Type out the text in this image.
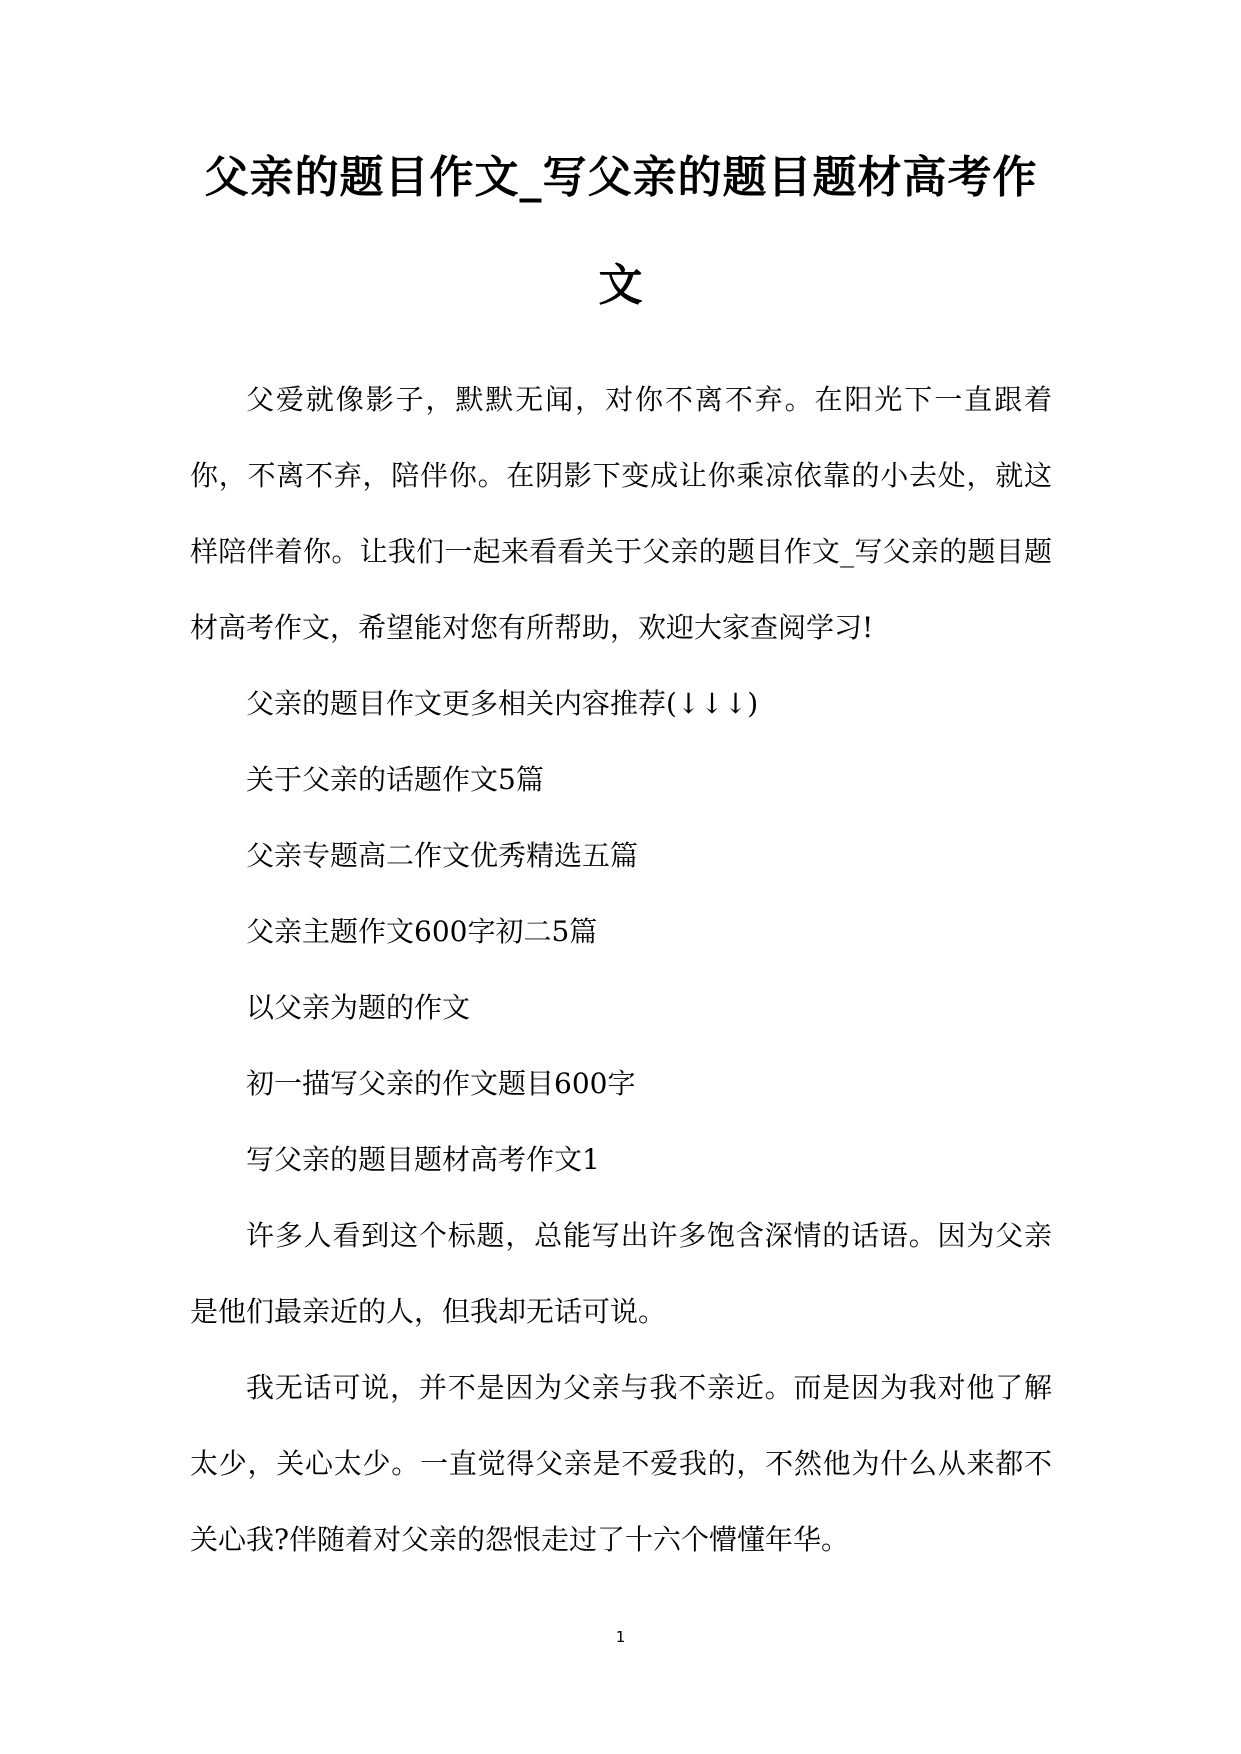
父亲的题目作文_写父亲的题目题材高考作文

父爱就像影子，默默无闻，对你不离不弃。在阳光下一直跟着你，不离不弃，陪伴你。在阴影下变成让你乘凉依靠的小去处，就这样陪伴着你。让我们一起来看看关于父亲的题目作文_写父亲的题目题材高考作文，希望能对您有所帮助，欢迎大家查阅学习!

父亲的题目作文更多相关内容推荐(↓↓↓)

关于父亲的话题作文5篇

父亲专题高二作文优秀精选五篇

父亲主题作文600字初二5篇

以父亲为题的作文

初一描写父亲的作文题目600字

写父亲的题目题材高考作文1

许多人看到这个标题，总能写出许多饱含深情的话语。因为父亲是他们最亲近的人，但我却无话可说。

我无话可说，并不是因为父亲与我不亲近。而是因为我对他了解太少，关心太少。一直觉得父亲是不爱我的，不然他为什么从来都不关心我?伴随着对父亲的怨恨走过了十六个懵懂年华。

1
